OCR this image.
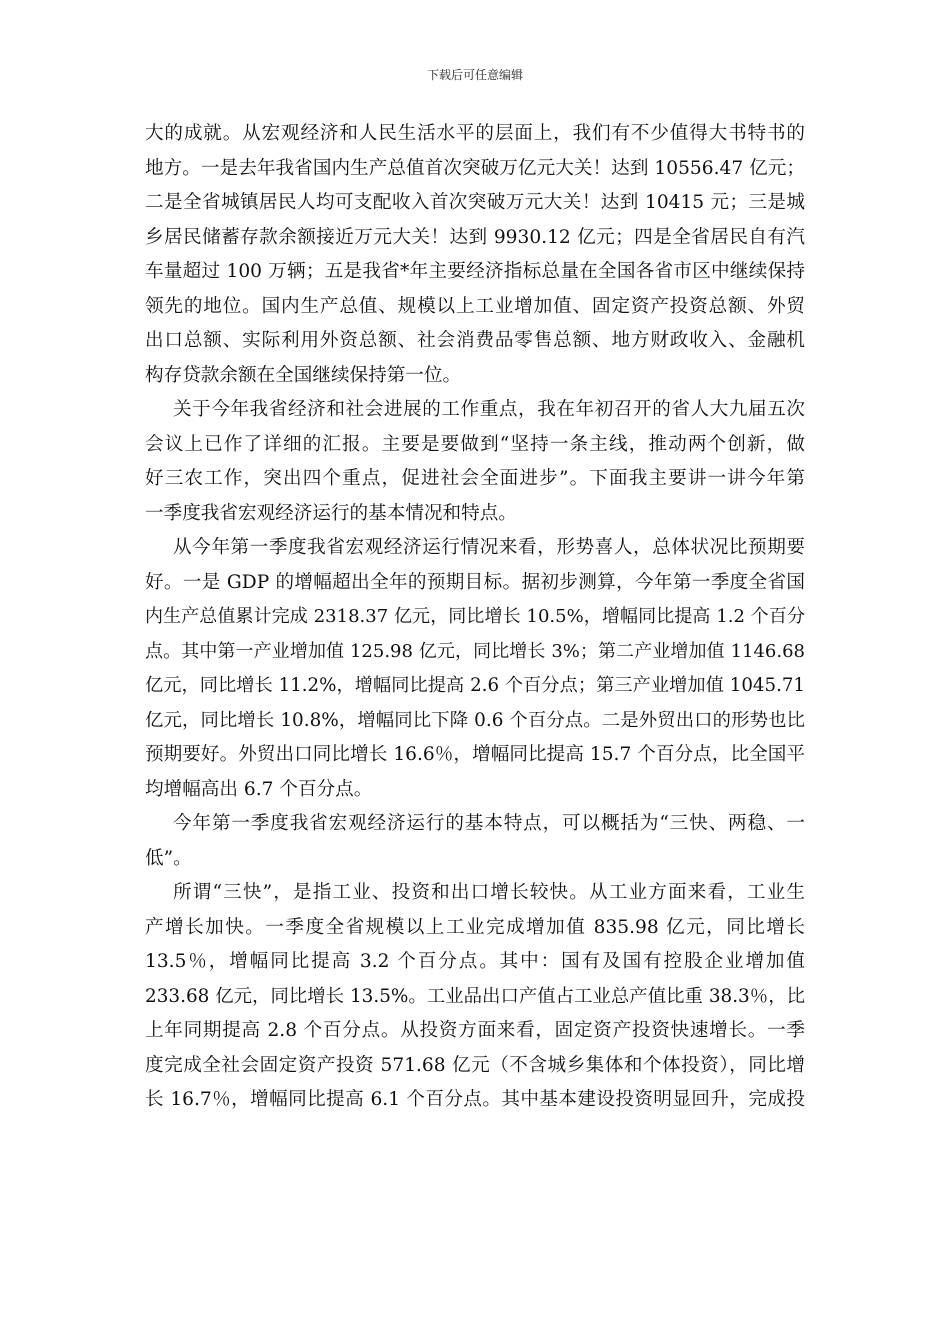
下载后可任意编辑
大的成就。从宏观经济和人民生活水平的层面上，我们有不少值得大书特书的
地方。一是去年我省国内生产总值首次突破万亿元大关！达到 10556.47 亿元；
二是全省城镇居民人均可支配收入首次突破万元大关！达到 10415 元；三是城
乡居民储蓄存款余额接近万元大关！达到 9930.12 亿元；四是全省居民自有汽
车量超过 100 万辆；五是我省*年主要经济指标总量在全国各省市区中继续保持
领先的地位。国内生产总值、规模以上工业增加值、固定资产投资总额、外贸
出口总额、实际利用外资总额、社会消费品零售总额、地方财政收入、金融机
构存贷款余额在全国继续保持第一位。
关于今年我省经济和社会进展的工作重点，我在年初召开的省人大九届五次
会议上已作了详细的汇报。主要是要做到“坚持一条主线，推动两个创新，做
好三农工作，突出四个重点，促进社会全面进步”。下面我主要讲一讲今年第
一季度我省宏观经济运行的基本情况和特点。
从今年第一季度我省宏观经济运行情况来看，形势喜人，总体状况比预期要
好。一是 GDP 的增幅超出全年的预期目标。据初步测算，今年第一季度全省国
内生产总值累计完成 2318.37 亿元，同比增长 10.5%，增幅同比提高 1.2 个百分
点。其中第一产业增加值 125.98 亿元，同比增长 3%；第二产业增加值 1146.68
亿元，同比增长 11.2%，增幅同比提高 2.6 个百分点；第三产业增加值 1045.71
亿元，同比增长 10.8%，增幅同比下降 0.6 个百分点。二是外贸出口的形势也比
预期要好。外贸出口同比增长 16.6％，增幅同比提高 15.7 个百分点，比全国平
均增幅高出 6.7 个百分点。
今年第一季度我省宏观经济运行的基本特点，可以概括为“三快、两稳、一
低”。
所谓“三快”，是指工业、投资和出口增长较快。从工业方面来看，工业生
产增长加快。一季度全省规模以上工业完成增加值 835.98 亿元，同比增长
13.5％，增幅同比提高 3.2 个百分点。其中：国有及国有控股企业增加值
233.68 亿元，同比增长 13.5%。工业品出口产值占工业总产值比重 38.3％，比
上年同期提高 2.8 个百分点。从投资方面来看，固定资产投资快速增长。一季
度完成全社会固定资产投资 571.68 亿元（不含城乡集体和个体投资），同比增
长 16.7％，增幅同比提高 6.1 个百分点。其中基本建设投资明显回升，完成投
